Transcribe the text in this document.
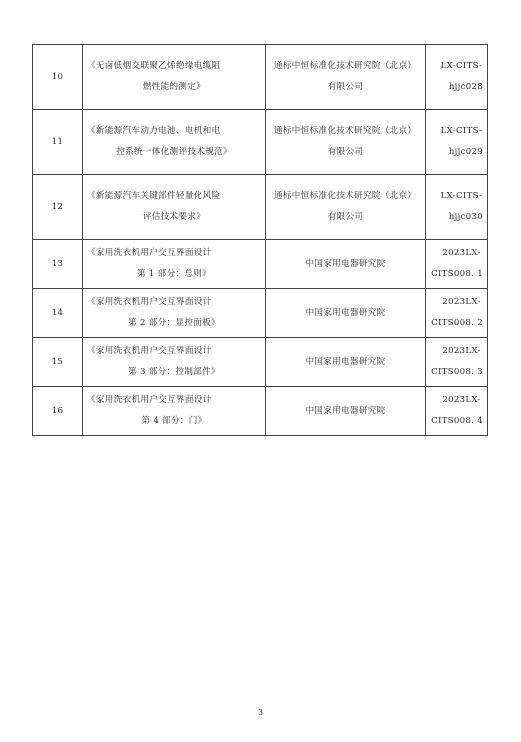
10	《无卤低烟交联聚乙烯绝缘电缆阻
燃性能的测定》	通标中恒标准化技术研究院（北京）
有限公司	LX-CITS-
hjjc028

11	《新能源汽车动力电池、电机和电
控系统一体化测评技术规范》	通标中恒标准化技术研究院（北京）
有限公司	LX-CITS-
hjjc029

12	《新能源汽车关键部件轻量化风险
评估技术要求》	通标中恒标准化技术研究院（北京）
有限公司	LX-CITS-
hjjc030

13	《家用洗衣机用户交互界面设计
第 1 部分：总则》	中国家用电器研究院	2023LX-
CITS008. 1

14	《家用洗衣机用户交互界面设计
第 2 部分：显控面板》	中国家用电器研究院	2023LX-
CITS008. 2

15	《家用洗衣机用户交互界面设计
第 3 部分：控制部件》	中国家用电器研究院	2023LX-
CITS008. 3

16	《家用洗衣机用户交互界面设计
第 4 部分：门》	中国家用电器研究院	2023LX-
CITS008. 4
3
